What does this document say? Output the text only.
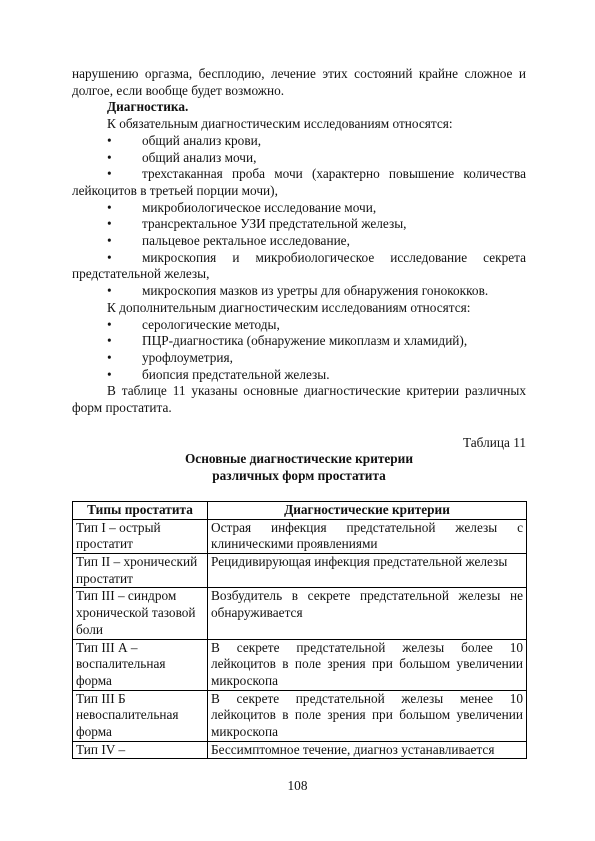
нарушению оргазма, бесплодию, лечение этих состояний крайне сложное и долгое, если вообще будет возможно.

Диагностика.

К обязательным диагностическим исследованиям относятся:

• общий анализ крови,
• общий анализ мочи,
• трехстаканная проба мочи (характерно повышение количества лейкоцитов в третьей порции мочи),
• микробиологическое исследование мочи,
• трансректальное УЗИ предстательной железы,
• пальцевое ректальное исследование,
• микроскопия и микробиологическое исследование секрета предстательной железы,
• микроскопия мазков из уретры для обнаружения гонококков.

К дополнительным диагностическим исследованиям относятся:

• серологические методы,
• ПЦР-диагностика (обнаружение микоплазм и хламидий),
• урофлоуметрия,
• биопсия предстательной железы.

В таблице 11 указаны основные диагностические критерии различных форм простатита.

Таблица 11

Основные диагностические критерии
различных форм простатита
Типы простатита	Диагностические критерии
Тип I – острый простатит	Острая инфекция предстательной железы с клиническими проявлениями
Тип II – хронический простатит	Рецидивирующая инфекция предстательной железы
Тип III – синдром хронической тазовой боли	Возбудитель в секрете предстательной железы не обнаруживается
Тип III А – воспалительная форма	В секрете предстательной железы более 10 лейкоцитов в поле зрения при большом увеличении микроскопа
Тип III Б невоспалительная форма	В секрете предстательной железы менее 10 лейкоцитов в поле зрения при большом увеличении микроскопа
Тип IV –	Бессимптомное течение, диагноз устанавливается
108
